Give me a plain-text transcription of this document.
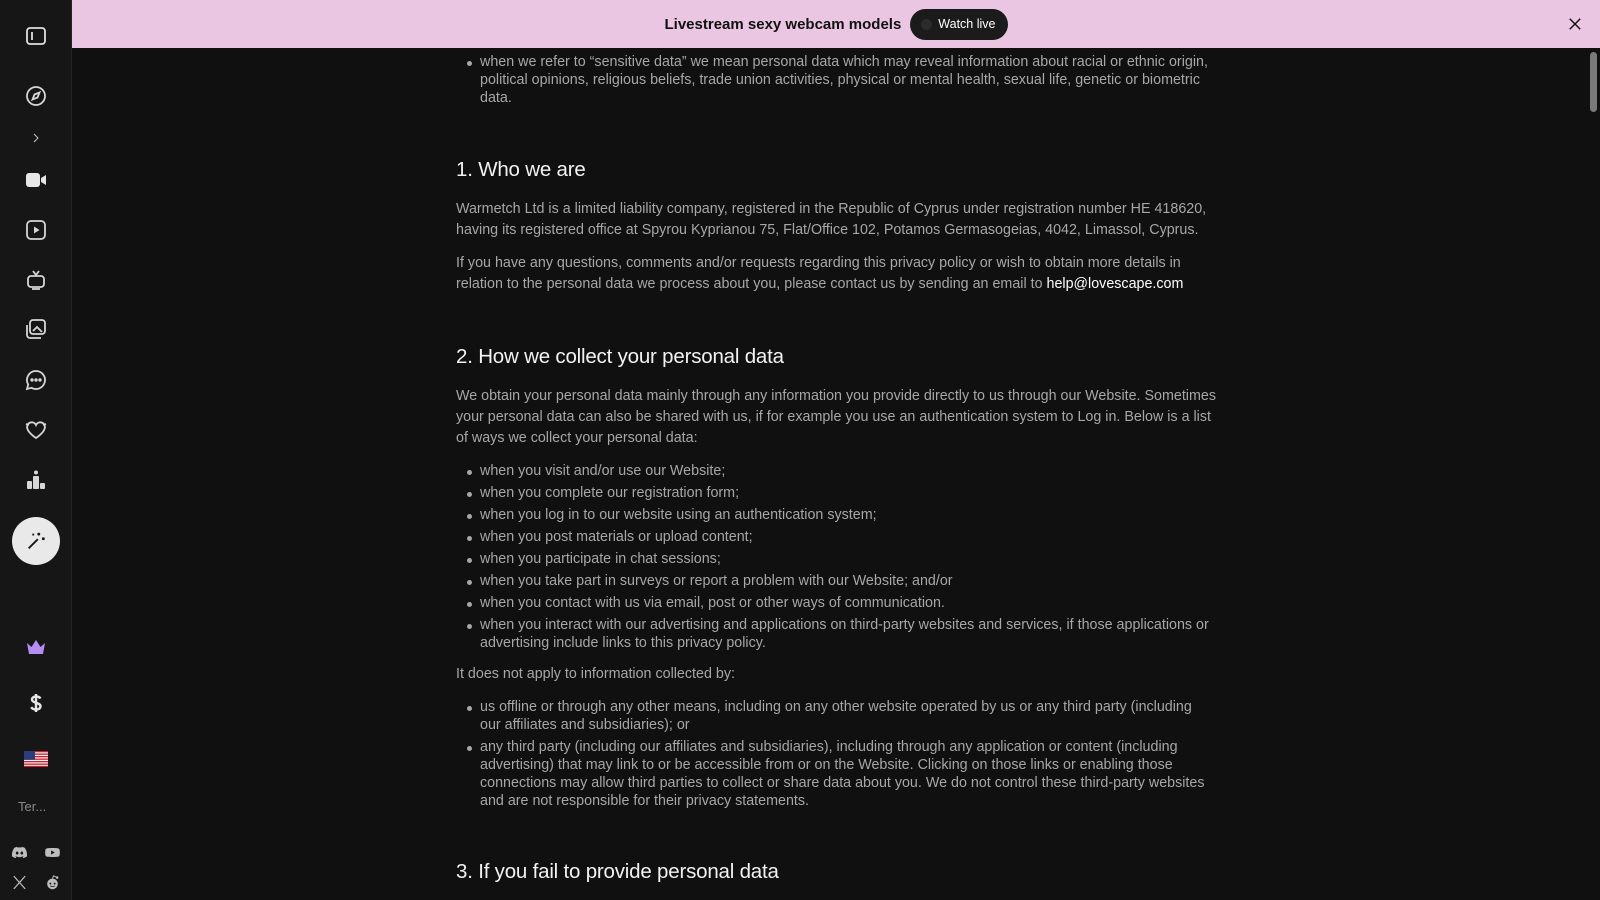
Ter...
Livestream sexy webcam models	Watch live
when we refer to “sensitive data” we mean personal data which may reveal information about racial or ethnic origin, political opinions, religious beliefs, trade union activities, physical or mental health, sexual life, genetic or biometric data.
1. Who we are

Warmetch Ltd is a limited liability company, registered in the Republic of Cyprus under registration number HE 418620, having its registered office at Spyrou Kyprianou 75, Flat/Office 102, Potamos Germasogeias, 4042, Limassol, Cyprus.

If you have any questions, comments and/or requests regarding this privacy policy or wish to obtain more details in relation to the personal data we process about you, please contact us by sending an email to help@lovescape.com

2. How we collect your personal data

We obtain your personal data mainly through any information you provide directly to us through our Website. Sometimes your personal data can also be shared with us, if for example you use an authentication system to Log in. Below is a list of ways we collect your personal data:

when you visit and/or use our Website;
when you complete our registration form;
when you log in to our website using an authentication system;
when you post materials or upload content;
when you participate in chat sessions;
when you take part in surveys or report a problem with our Website; and/or
when you contact with us via email, post or other ways of communication.
when you interact with our advertising and applications on third-party websites and services, if those applications or advertising include links to this privacy policy.

It does not apply to information collected by:

us offline or through any other means, including on any other website operated by us or any third party (including our affiliates and subsidiaries); or
any third party (including our affiliates and subsidiaries), including through any application or content (including advertising) that may link to or be accessible from or on the Website. Clicking on those links or enabling those connections may allow third parties to collect or share data about you. We do not control these third-party websites and are not responsible for their privacy statements.
3. If you fail to provide personal data
